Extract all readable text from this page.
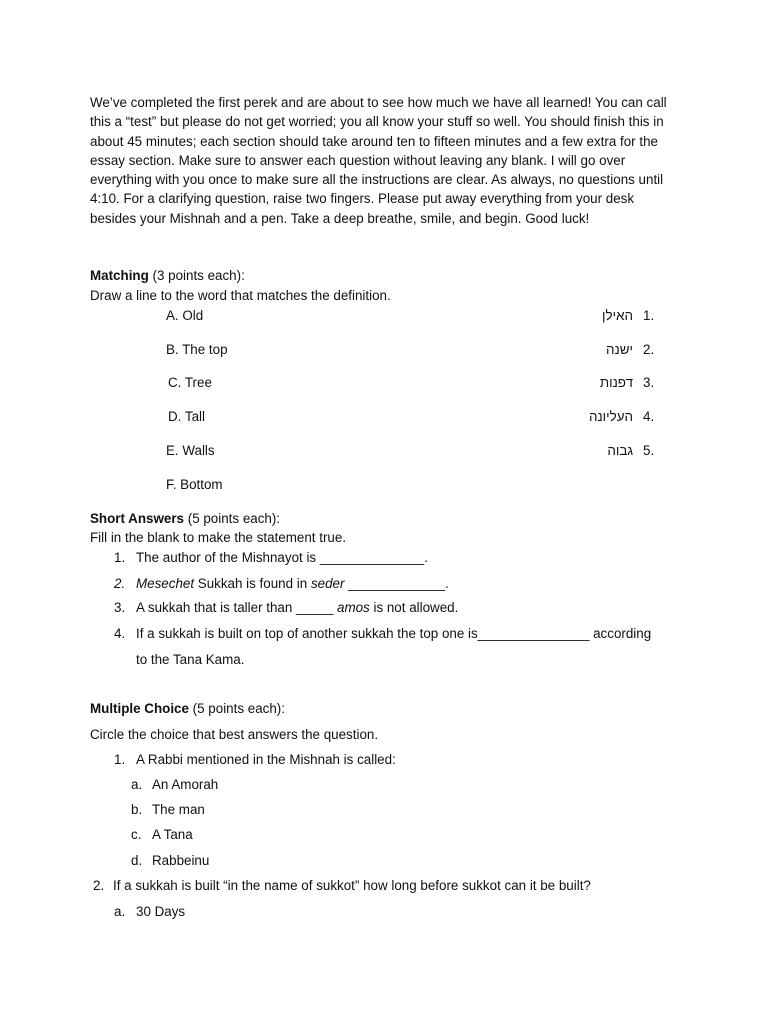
We’ve completed the first perek and are about to see how much we have all learned! You can call this a “test” but please do not get worried; you all know your stuff so well. You should finish this in about 45 minutes; each section should take around ten to fifteen minutes and a few extra for the essay section. Make sure to answer each question without leaving any blank. I will go over everything with you once to make sure all the instructions are clear. As always, no questions until 4:10. For a clarifying question, raise two fingers. Please put away everything from your desk besides your Mishnah and a pen. Take a deep breathe, smile, and begin. Good luck!
Matching (3 points each):
Draw a line to the word that matches the definition.
A. Old
B. The top
C. Tree
D. Tall
E. Walls
F. Bottom
האילן 1.
ישנה 2.
דפנות 3.
העליונה 4.
גבוה 5.
Short Answers (5 points each):
Fill in the blank to make the statement true.
1. The author of the Mishnayot is ______________.
2. Mesechet Sukkah is found in seder _____________.
3. A sukkah that is taller than _____ amos is not allowed.
4. If a sukkah is built on top of another sukkah the top one is_______________ according
to the Tana Kama.
Multiple Choice (5 points each):
Circle the choice that best answers the question.
1. A Rabbi mentioned in the Mishnah is called:
a. An Amorah
b. The man
c. A Tana
d. Rabbeinu
2. If a sukkah is built “in the name of sukkot” how long before sukkot can it be built?
a. 30 Days
